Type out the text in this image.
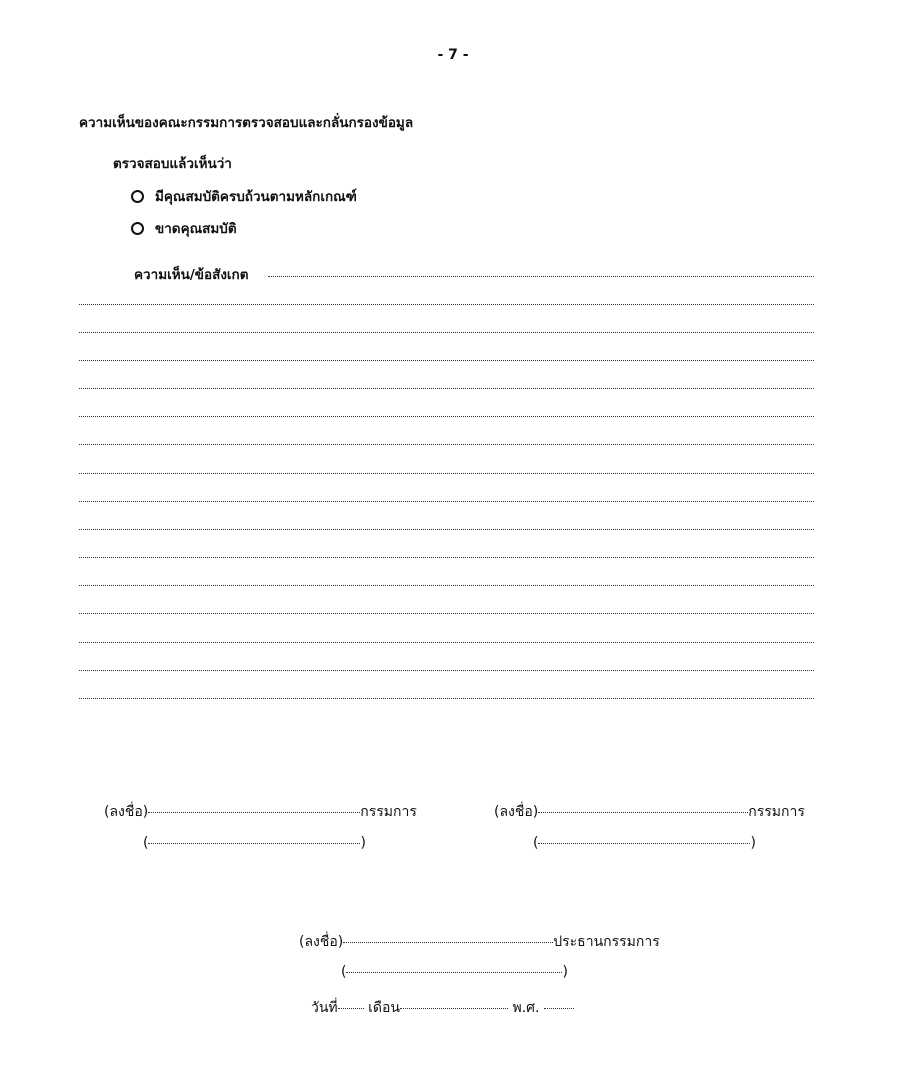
- 7 -
ความเห็นของคณะกรรมการตรวจสอบและกลั่นกรองข้อมูล
ตรวจสอบแล้วเห็นว่า
มีคุณสมบัติครบถ้วนตามหลักเกณฑ์
ขาดคุณสมบัติ
ความเห็น/ข้อสังเกต
(ลงชื่อ)	กรรมการ
(	)
(ลงชื่อ)	กรรมการ
(	)
(ลงชื่อ)	ประธานกรรมการ
(	)
วันที่ เดือน	พ.ศ.
